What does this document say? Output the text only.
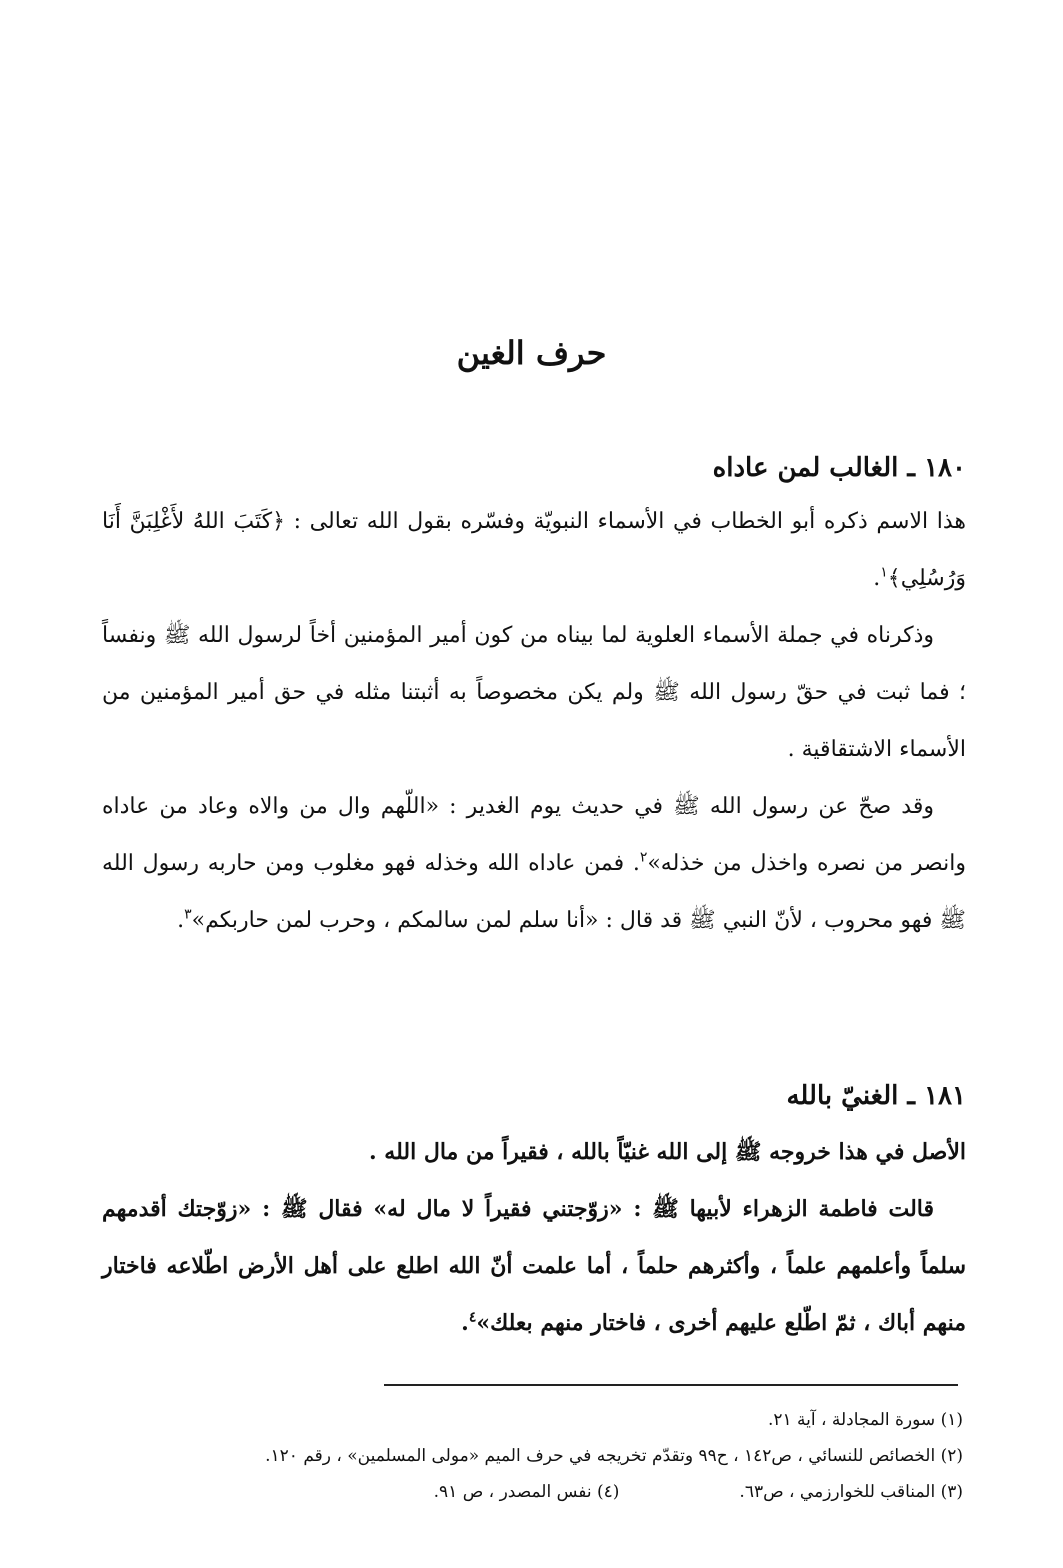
حرف الغين
١٨٠ ـ الغالب لمن عاداه
هذا الاسم ذكره أبو الخطاب في الأسماء النبويّة وفسّره بقول الله تعالى : ﴿كَتَبَ اللهُ لأَغْلِبَنَّ أَنَا وَرُسُلِي﴾$^١$.
وذكرناه في جملة الأسماء العلوية لما بيناه من كون أمير المؤمنين أخاً لرسول الله ﷺ ونفساً ؛ فما ثبت في حقّ رسول الله ﷺ ولم يكن مخصوصاً به أثبتنا مثله في حق أمير المؤمنين من الأسماء الاشتقاقية .
وقد صحّ عن رسول الله ﷺ في حديث يوم الغدير : «اللّهم وال من والاه وعاد من عاداه وانصر من نصره واخذل من خذله»$^٢$. فمن عاداه الله وخذله فهو مغلوب ومن حاربه رسول الله ﷺ فهو محروب ، لأنّ النبي ﷺ قد قال : «أنا سلم لمن سالمكم ، وحرب لمن حاربكم»$^٣$.
١٨١ ـ الغنيّ بالله
الأصل في هذا خروجه ﷺ إلى الله غنيّاً بالله ، فقيراً من مال الله .
قالت فاطمة الزهراء لأبيها ﷺ : «زوّجتني فقيراً لا مال له» فقال ﷺ : «زوّجتك أقدمهم سلماً وأعلمهم علماً ، وأكثرهم حلماً ، أما علمت أنّ الله اطلع على أهل الأرض اطّلاعه فاختار منهم أباك ، ثمّ اطّلع عليهم أخرى ، فاختار منهم بعلك»$^٤$.
(١) سورة المجادلة ، آية ٢١.
(٢) الخصائص للنسائي ، ص١٤٢ ، ح٩٩ وتقدّم تخريجه في حرف الميم «مولى المسلمين» ، رقم ١٢٠.
(٣) المناقب للخوارزمي ، ص٦٣.
(٤) نفس المصدر ، ص ٩١.
